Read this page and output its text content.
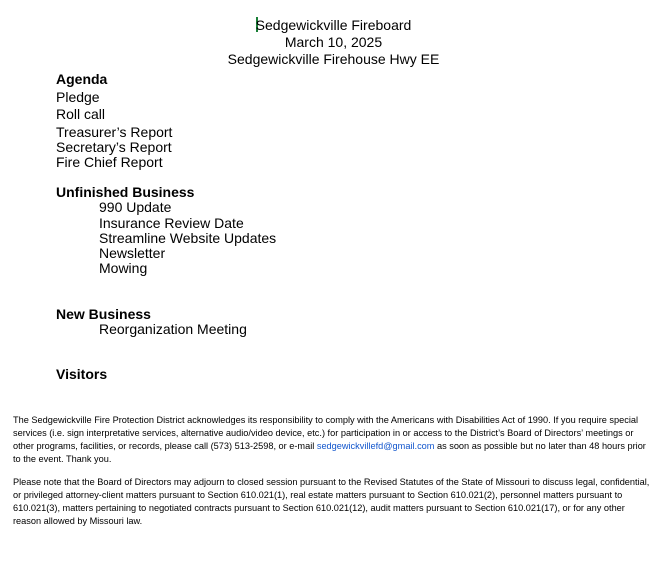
Sedgewickville Fireboard
March 10, 2025
Sedgewickville Firehouse Hwy EE
Agenda
Pledge
Roll call
Treasurer’s Report
Secretary’s Report
Fire Chief Report
Unfinished Business
990 Update
Insurance Review Date
Streamline Website Updates
Newsletter
Mowing
New Business
Reorganization Meeting
Visitors

The Sedgewickville Fire Protection District acknowledges its responsibility to comply with the Americans with Disabilities Act of 1990. If you require special services (i.e. sign interpretative services, alternative audio/video device, etc.) for participation in or access to the District’s Board of Directors’ meetings or other programs, facilities, or records, please call (573) 513-2598, or e-mail sedgewickvillefd@gmail.com as soon as possible but no later than 48 hours prior to the event. Thank you.

Please note that the Board of Directors may adjourn to closed session pursuant to the Revised Statutes of the State of Missouri to discuss legal, confidential, or privileged attorney-client matters pursuant to Section 610.021(1), real estate matters pursuant to Section 610.021(2), personnel matters pursuant to 610.021(3), matters pertaining to negotiated contracts pursuant to Section 610.021(12), audit matters pursuant to Section 610.021(17), or for any other reason allowed by Missouri law.
